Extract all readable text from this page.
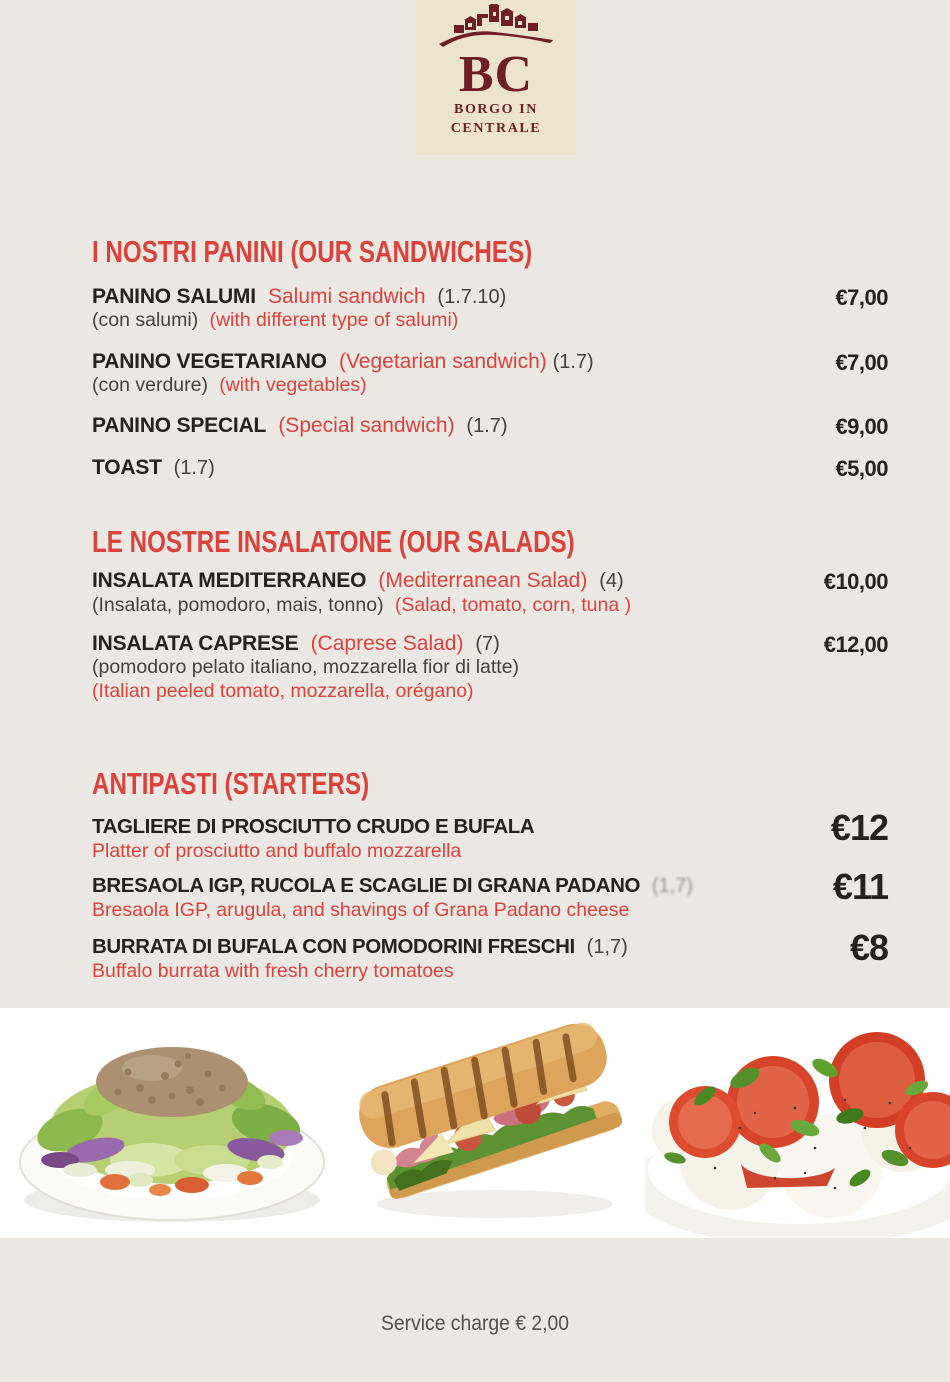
BC
BORGO IN
CENTRALE
I NOSTRI PANINI (OUR SANDWICHES)
PANINO SALUMI Salumi sandwich (1.7.10)
(con salumi) (with different type of salumi)
€7,00
PANINO VEGETARIANO (Vegetarian sandwich) (1.7)
(con verdure) (with vegetables)
€7,00
PANINO SPECIAL (Special sandwich) (1.7)	€9,00
TOAST (1.7)	€5,00
LE NOSTRE INSALATONE (OUR SALADS)
INSALATA MEDITERRANEO (Mediterranean Salad) (4)
(Insalata, pomodoro, mais, tonno) (Salad, tomato, corn, tuna )
€10,00
INSALATA CAPRESE (Caprese Salad) (7)
(pomodoro pelato italiano, mozzarella fior di latte)
(Italian peeled tomato, mozzarella, orégano)
€12,00
ANTIPASTI (STARTERS)
TAGLIERE DI PROSCIUTTO CRUDO E BUFALA
Platter of prosciutto and buffalo mozzarella
€12
BRESAOLA IGP, RUCOLA E SCAGLIE DI GRANA PADANO (1,7)
Bresaola IGP, arugula, and shavings of Grana Padano cheese
€11
BURRATA DI BUFALA CON POMODORINI FRESCHI (1,7)
Buffalo burrata with fresh cherry tomatoes
€8
Service charge € 2,00
